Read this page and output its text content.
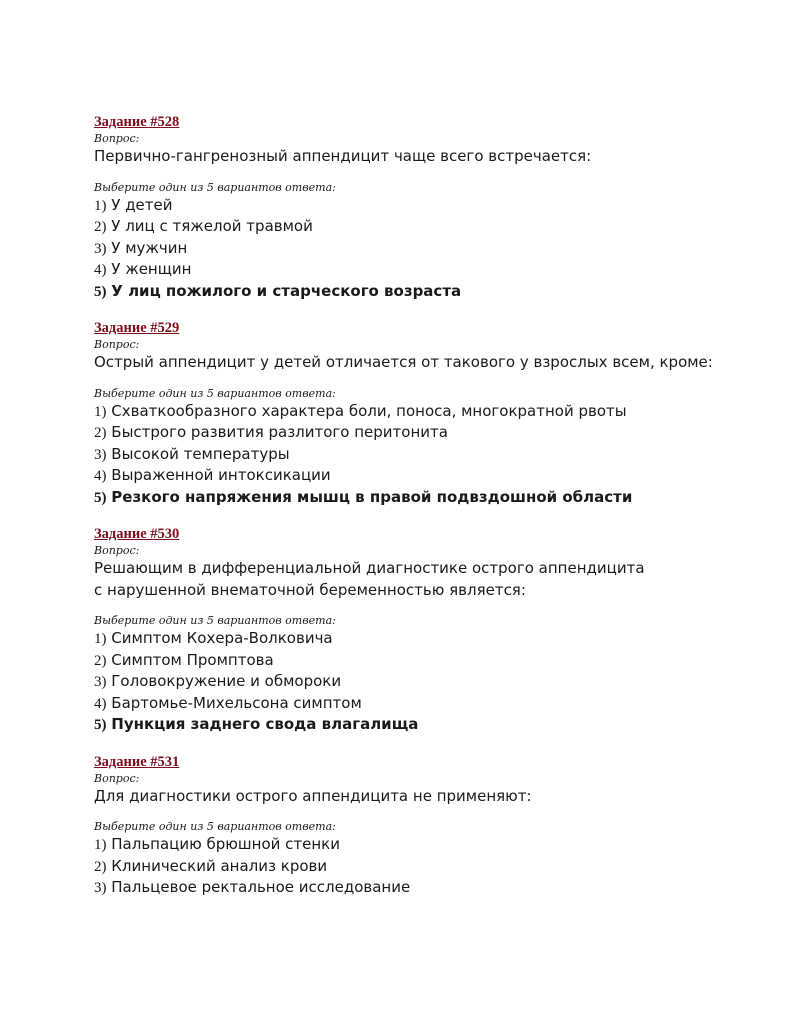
Задание #528
Вопрос:
Первично-гангренозный аппендицит чаще всего встречается:
Выберите один из 5 вариантов ответа:
1) У детей
2) У лиц с тяжелой травмой
3) У мужчин
4) У женщин
5) У лиц пожилого и старческого возраста
Задание #529
Вопрос:
Острый аппендицит у детей отличается от такового у взрослых всем, кроме:
Выберите один из 5 вариантов ответа:
1) Схваткообразного характера боли, поноса, многократной рвоты
2) Быстрого развития разлитого перитонита
3) Высокой температуры
4) Выраженной интоксикации
5) Резкого напряжения мышц в правой подвздошной области
Задание #530
Вопрос:
Решающим в дифференциальной диагностике острого аппендицита с нарушенной внематочной беременностью является:
Выберите один из 5 вариантов ответа:
1) Симптом Кохера-Волковича
2) Симптом Промптова
3) Головокружение и обмороки
4) Бартомье-Михельсона симптом
5) Пункция заднего свода влагалища
Задание #531
Вопрос:
Для диагностики острого аппендицита не применяют:
Выберите один из 5 вариантов ответа:
1) Пальпацию брюшной стенки
2) Клинический анализ крови
3) Пальцевое ректальное исследование
